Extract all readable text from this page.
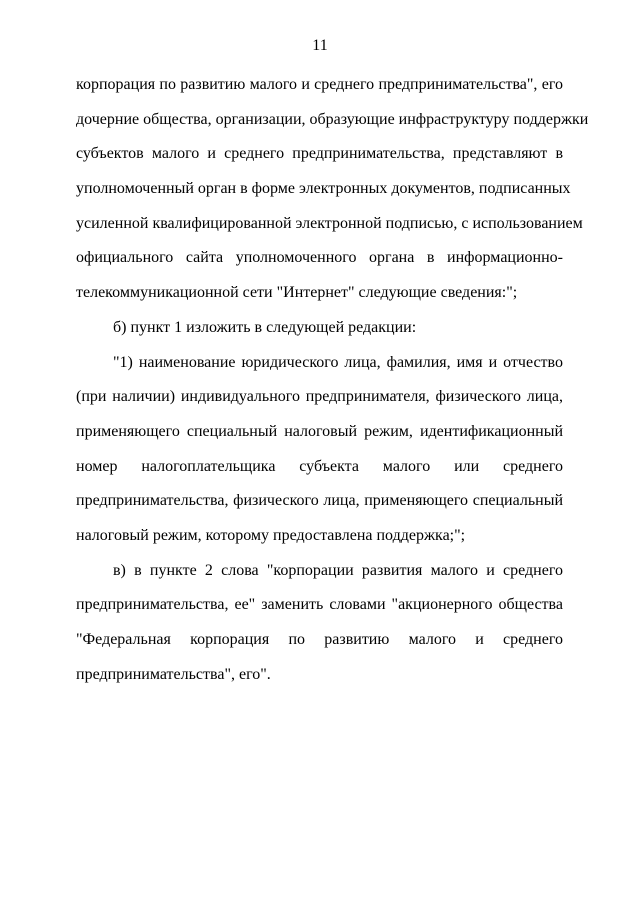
11
корпорация по развитию малого и среднего предпринимательства", его
дочерние общества, организации, образующие инфраструктуру поддержки
субъектов малого и среднего предпринимательства, представляют в
уполномоченный орган в форме электронных документов, подписанных
усиленной квалифицированной электронной подписью, с использованием
официального сайта уполномоченного органа в информационно-
телекоммуникационной сети "Интернет" следующие сведения:";
б) пункт 1 изложить в следующей редакции:
"1) наименование юридического лица, фамилия, имя и отчество
(при наличии) индивидуального предпринимателя, физического лица,
применяющего специальный налоговый режим, идентификационный
номер налогоплательщика субъекта малого или среднего
предпринимательства, физического лица, применяющего специальный
налоговый режим, которому предоставлена поддержка;";
в) в пункте 2 слова "корпорации развития малого и среднего
предпринимательства, ее" заменить словами "акционерного общества
"Федеральная корпорация по развитию малого и среднего
предпринимательства", его".
